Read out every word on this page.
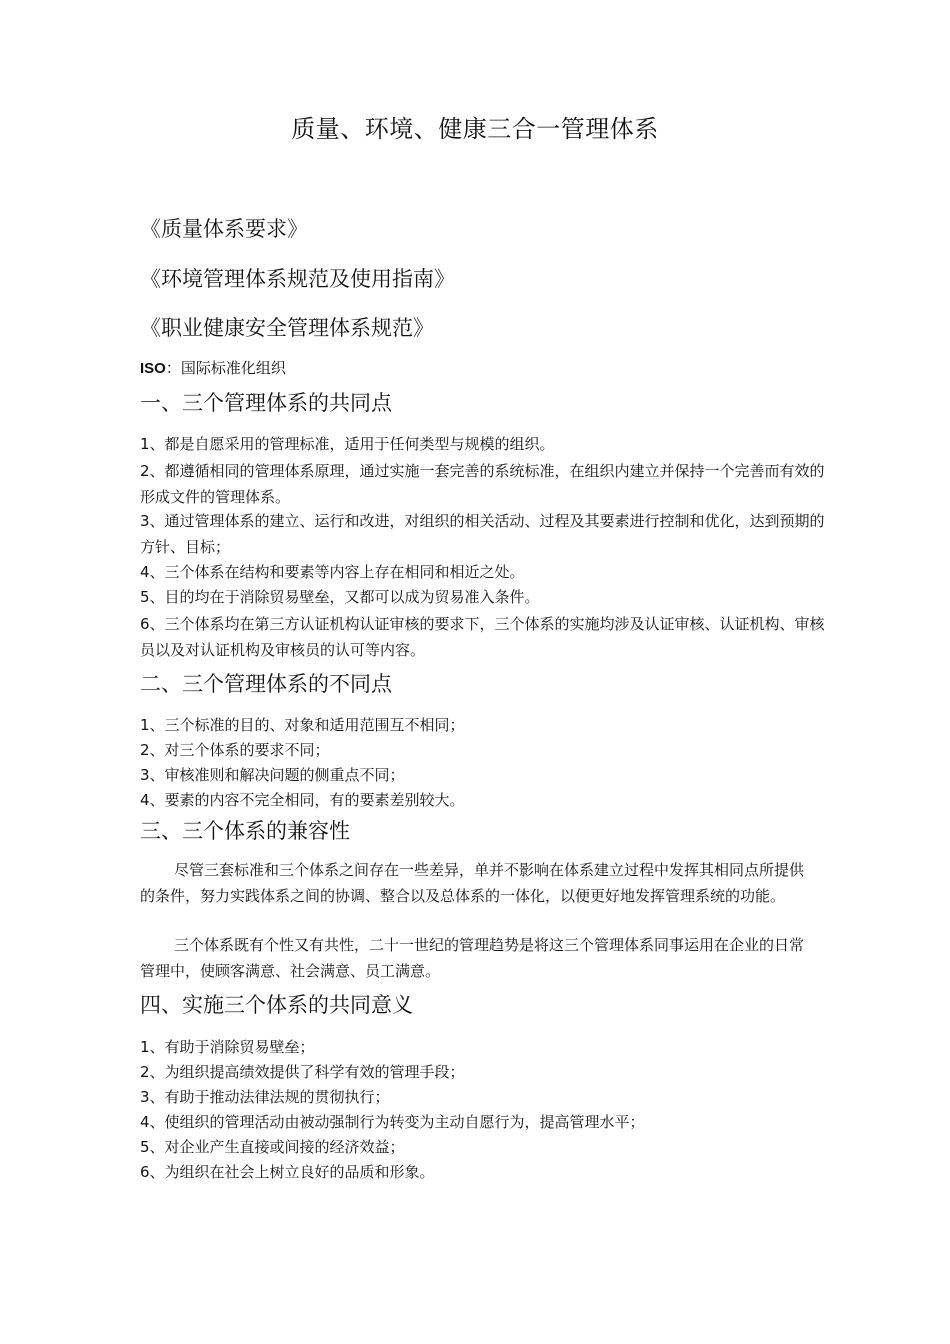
质量、环境、健康三合一管理体系

《质量体系要求》

《环境管理体系规范及使用指南》

《职业健康安全管理体系规范》

ISO：国际标准化组织

一、三个管理体系的共同点

1、都是自愿采用的管理标准，适用于任何类型与规模的组织。

2、都遵循相同的管理体系原理，通过实施一套完善的系统标准，在组织内建立并保持一个完善而有效的形成文件的管理体系。

3、通过管理体系的建立、运行和改进，对组织的相关活动、过程及其要素进行控制和优化，达到预期的方针、目标；

4、三个体系在结构和要素等内容上存在相同和相近之处。

5、目的均在于消除贸易壁垒，又都可以成为贸易准入条件。

6、三个体系均在第三方认证机构认证审核的要求下，三个体系的实施均涉及认证审核、认证机构、审核员以及对认证机构及审核员的认可等内容。

二、三个管理体系的不同点

1、三个标准的目的、对象和适用范围互不相同；

2、对三个体系的要求不同；

3、审核准则和解决问题的侧重点不同；

4、要素的内容不完全相同，有的要素差别较大。

三、三个体系的兼容性

尽管三套标准和三个体系之间存在一些差异，单并不影响在体系建立过程中发挥其相同点所提供的条件，努力实践体系之间的协调、整合以及总体系的一体化，以便更好地发挥管理系统的功能。

三个体系既有个性又有共性，二十一世纪的管理趋势是将这三个管理体系同事运用在企业的日常管理中，使顾客满意、社会满意、员工满意。

四、实施三个体系的共同意义

1、有助于消除贸易壁垒；

2、为组织提高绩效提供了科学有效的管理手段；

3、有助于推动法律法规的贯彻执行；

4、使组织的管理活动由被动强制行为转变为主动自愿行为，提高管理水平；

5、对企业产生直接或间接的经济效益；

6、为组织在社会上树立良好的品质和形象。
